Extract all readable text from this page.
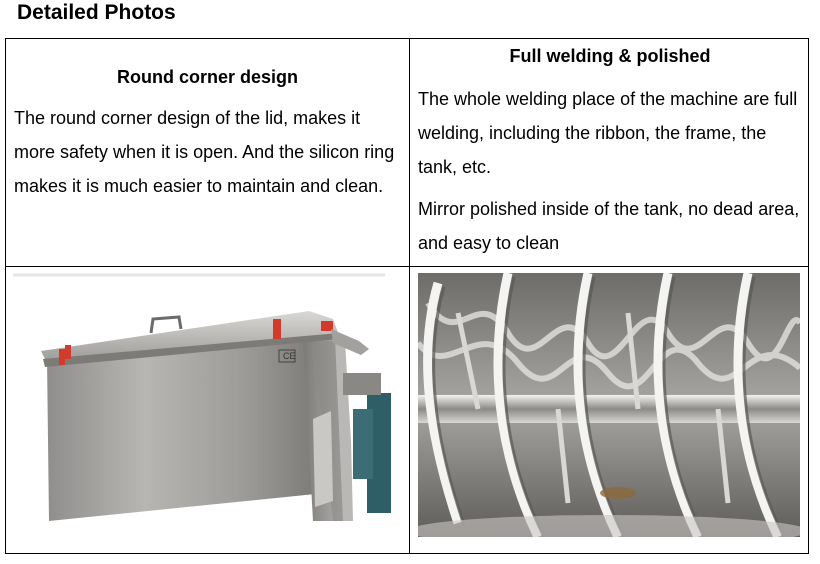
Detailed Photos
Round corner design
The round corner design of the lid, makes it more safety when it is open. And the silicon ring makes it is much easier to maintain and clean.
Full welding & polished
The whole welding place of the machine are full welding, including the ribbon, the frame, the tank, etc.
Mirror polished inside of the tank, no dead area, and easy to clean
CE
